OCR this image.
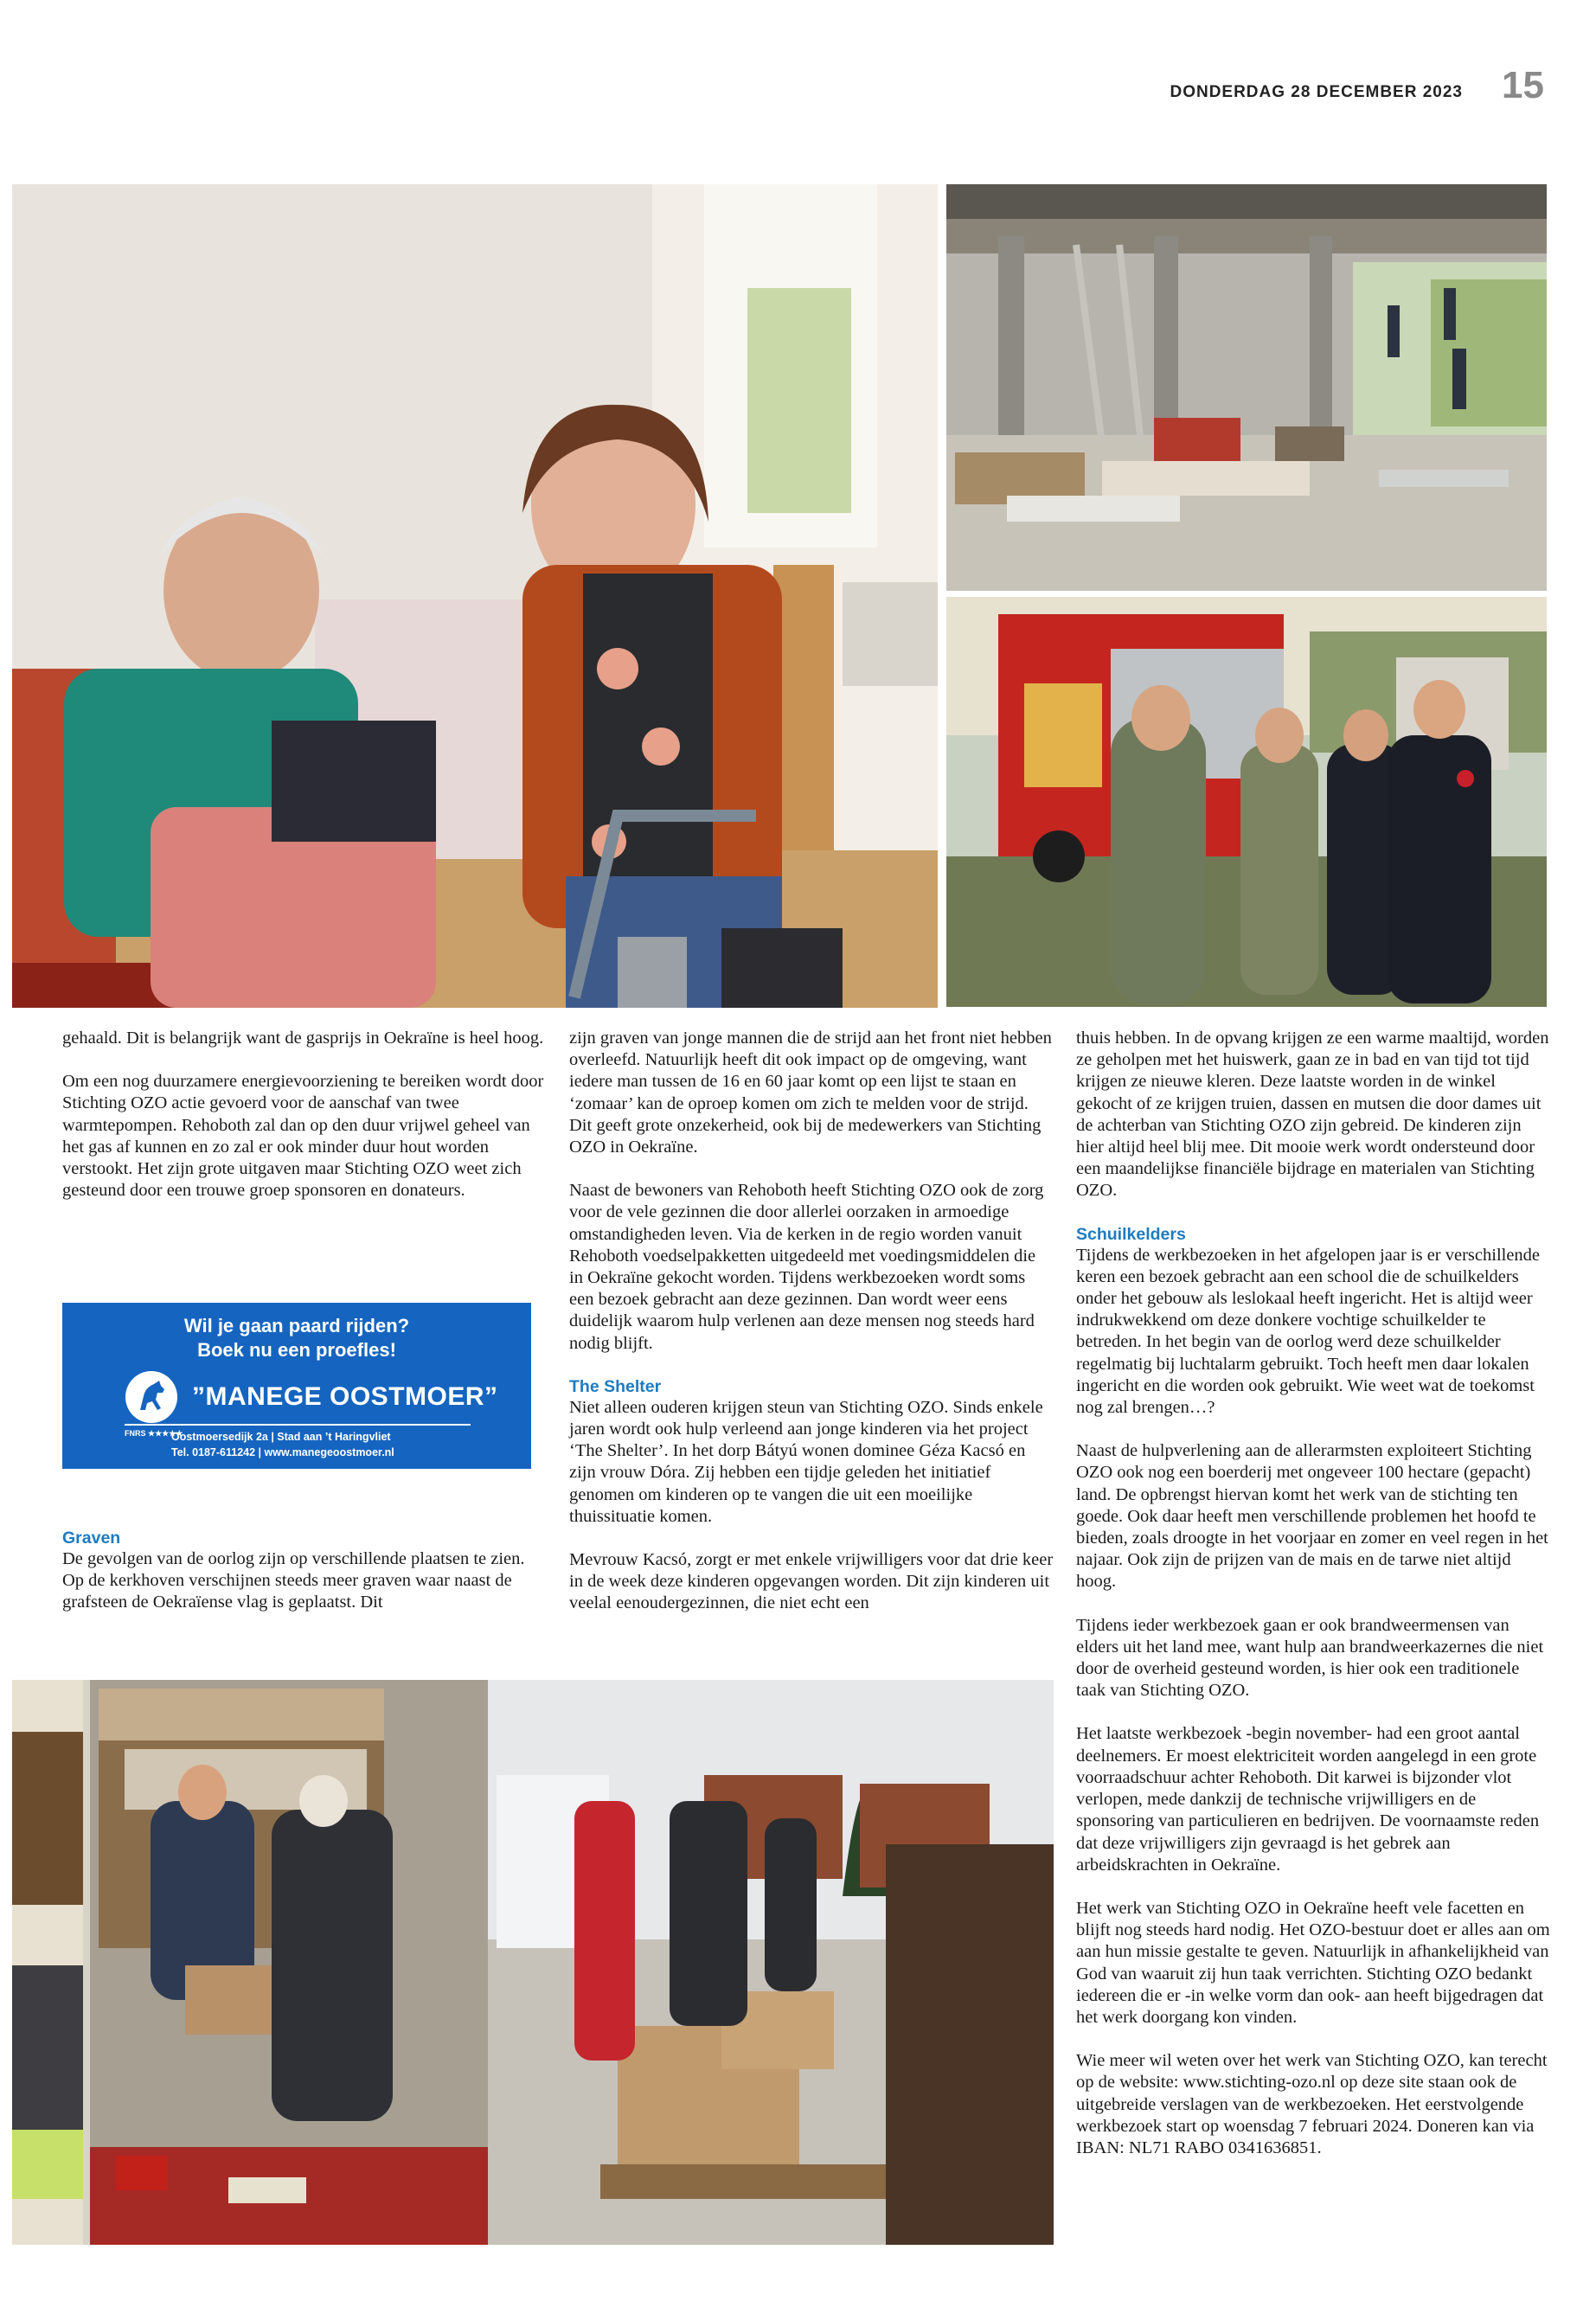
DONDERDAG 28 DECEMBER 2023 15

gehaald. Dit is belangrijk want de gasprijs in Oekraïne is heel hoog.

Om een nog duurzamere energievoorziening te bereiken wordt door Stichting OZO actie gevoerd voor de aanschaf van twee warmtepompen. Rehoboth zal dan op den duur vrijwel geheel van het gas af kunnen en zo zal er ook minder duur hout worden verstookt. Het zijn grote uitgaven maar Stichting OZO weet zich gesteund door een trouwe groep sponsoren en donateurs.

Wil je gaan paard rijden?
Boek nu een proefles!
”MANEGE OOSTMOER”
FNRS ★★★★★
Oostmoersedijk 2a | Stad aan ’t Haringvliet
Tel. 0187-611242 | www.manegeoostmoer.nl
Graven

De gevolgen van de oorlog zijn op verschillende plaatsen te zien. Op de kerkhoven verschijnen steeds meer graven waar naast de grafsteen de Oekraïense vlag is geplaatst. Dit

zijn graven van jonge mannen die de strijd aan het front niet hebben overleefd. Natuurlijk heeft dit ook impact op de omgeving, want iedere man tussen de 16 en 60 jaar komt op een lijst te staan en ‘zomaar’ kan de oproep komen om zich te melden voor de strijd. Dit geeft grote onzekerheid, ook bij de medewerkers van Stichting OZO in Oekraïne.

Naast de bewoners van Rehoboth heeft Stichting OZO ook de zorg voor de vele gezinnen die door allerlei oorzaken in armoedige omstandigheden leven. Via de kerken in de regio worden vanuit Rehoboth voedselpakketten uitgedeeld met voedingsmiddelen die in Oekraïne gekocht worden. Tijdens werkbezoeken wordt soms een bezoek gebracht aan deze gezinnen. Dan wordt weer eens duidelijk waarom hulp verlenen aan deze mensen nog steeds hard nodig blijft.

The Shelter

Niet alleen ouderen krijgen steun van Stichting OZO. Sinds enkele jaren wordt ook hulp verleend aan jonge kinderen via het project ‘The Shelter’. In het dorp Bátyú wonen dominee Géza Kacsó en zijn vrouw Dóra. Zij hebben een tijdje geleden het initiatief genomen om kinderen op te vangen die uit een moeilijke thuissituatie komen.

Mevrouw Kacsó, zorgt er met enkele vrijwilligers voor dat drie keer in de week deze kinderen opgevangen worden. Dit zijn kinderen uit veelal eenoudergezinnen, die niet echt een

thuis hebben. In de opvang krijgen ze een warme maaltijd, worden ze geholpen met het huiswerk, gaan ze in bad en van tijd tot tijd krijgen ze nieuwe kleren. Deze laatste worden in de winkel gekocht of ze krijgen truien, dassen en mutsen die door dames uit de achterban van Stichting OZO zijn gebreid. De kinderen zijn hier altijd heel blij mee. Dit mooie werk wordt ondersteund door een maandelijkse financiële bijdrage en materialen van Stichting OZO.

Schuilkelders

Tijdens de werkbezoeken in het afgelopen jaar is er verschillende keren een bezoek gebracht aan een school die de schuilkelders onder het gebouw als leslokaal heeft ingericht. Het is altijd weer indrukwekkend om deze donkere vochtige schuilkelder te betreden. In het begin van de oorlog werd deze schuilkelder regelmatig bij luchtalarm gebruikt. Toch heeft men daar lokalen ingericht en die worden ook gebruikt. Wie weet wat de toekomst nog zal brengen…?

Naast de hulpverlening aan de allerarmsten exploiteert Stichting OZO ook nog een boerderij met ongeveer 100 hectare (gepacht) land. De opbrengst hiervan komt het werk van de stichting ten goede. Ook daar heeft men verschillende problemen het hoofd te bieden, zoals droogte in het voorjaar en zomer en veel regen in het najaar. Ook zijn de prijzen van de mais en de tarwe niet altijd hoog.

Tijdens ieder werkbezoek gaan er ook brandweermensen van elders uit het land mee, want hulp aan brandweerkazernes die niet door de overheid gesteund worden, is hier ook een traditionele taak van Stichting OZO.

Het laatste werkbezoek -begin november- had een groot aantal deelnemers. Er moest elektriciteit worden aangelegd in een grote voorraadschuur achter Rehoboth. Dit karwei is bijzonder vlot verlopen, mede dankzij de technische vrijwilligers en de sponsoring van particulieren en bedrijven. De voornaamste reden dat deze vrijwilligers zijn gevraagd is het gebrek aan arbeidskrachten in Oekraïne.

Het werk van Stichting OZO in Oekraïne heeft vele facetten en blijft nog steeds hard nodig. Het OZO-bestuur doet er alles aan om aan hun missie gestalte te geven. Natuurlijk in afhankelijkheid van God van waaruit zij hun taak verrichten. Stichting OZO bedankt iedereen die er -in welke vorm dan ook- aan heeft bijgedragen dat het werk doorgang kon vinden.

Wie meer wil weten over het werk van Stichting OZO, kan terecht op de website: www.stichting-ozo.nl op deze site staan ook de uitgebreide verslagen van de werkbezoeken. Het eerstvolgende werkbezoek start op woensdag 7 februari 2024. Doneren kan via IBAN: NL71 RABO 0341636851.
